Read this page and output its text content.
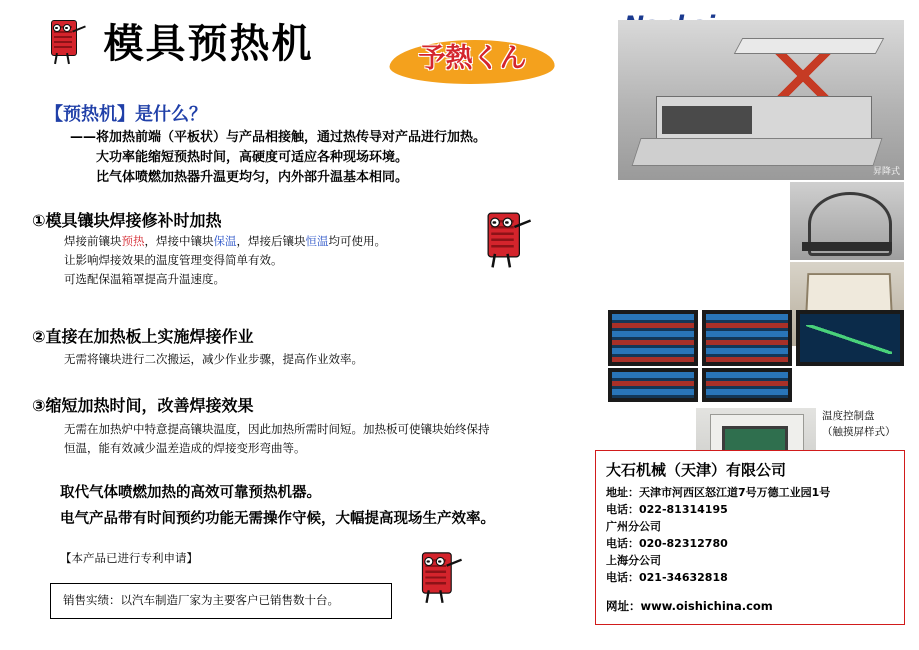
模具预热机	予熱くん
【预热机】是什么？
——将加热前端（平板状）与产品相接触，通过热传导对产品进行加热。
大功率能缩短预热时间，高硬度可适应各种现场环境。
比气体喷燃加热器升温更均匀，内外部升温基本相同。
①模具镶块焊接修补时加热
焊接前镶块预热，焊接中镶块保温，焊接后镶块恒温均可使用。
让影响焊接效果的温度管理变得简单有效。
可选配保温箱罩提高升温速度。
②直接在加热板上实施焊接作业
无需将镶块进行二次搬运，减少作业步骤，提高作业效率。
③缩短加热时间，改善焊接效果
无需在加热炉中特意提高镶块温度，因此加热所需时间短。加热板可使镶块始终保持
恒温，能有效减少温差造成的焊接变形弯曲等。
取代气体喷燃加热的高效可靠预热机器。
电气产品带有时间预约功能无需操作守候，大幅提高现场生产效率。
【本产品已进行专利申请】
销售实绩：以汽车制造厂家为主要客户已销售数十台。
昇降式
温度控制盘
（触摸屏样式）
大石机械（天津）有限公司
地址：天津市河西区怒江道7号万德工业园1号
电话：022-81314195
广州分公司
电话：020-82312780
上海分公司
电话：021-34632818
网址：www.oishichina.com
